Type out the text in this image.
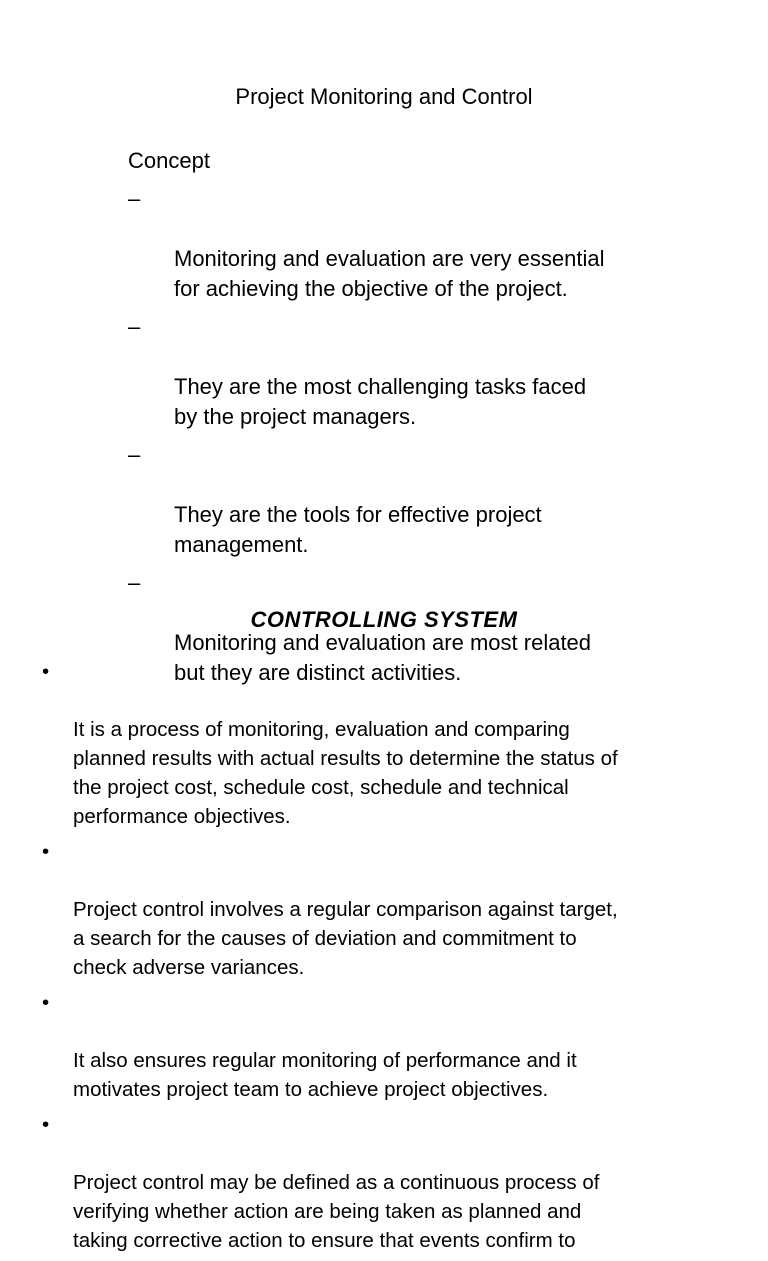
Project Monitoring and Control
Concept

–

Monitoring and evaluation are very essential
for achieving the objective of the project.

–

They are the most challenging tasks faced
by the project managers.

–

They are the tools for effective project
management.

–

Monitoring and evaluation are most related
but they are distinct activities.

CONTROLLING SYSTEM

•

It is a process of monitoring, evaluation and comparing
planned results with actual results to determine the status of
the project cost, schedule cost, schedule and technical
performance objectives.

•

Project control involves a regular comparison against target,
a search for the causes of deviation and commitment to
check adverse variances.

•

It also ensures regular monitoring of performance and it
motivates project team to achieve project objectives.

•

Project control may be defined as a continuous process of
verifying whether action are being taken as planned and
taking corrective action to ensure that events confirm to
